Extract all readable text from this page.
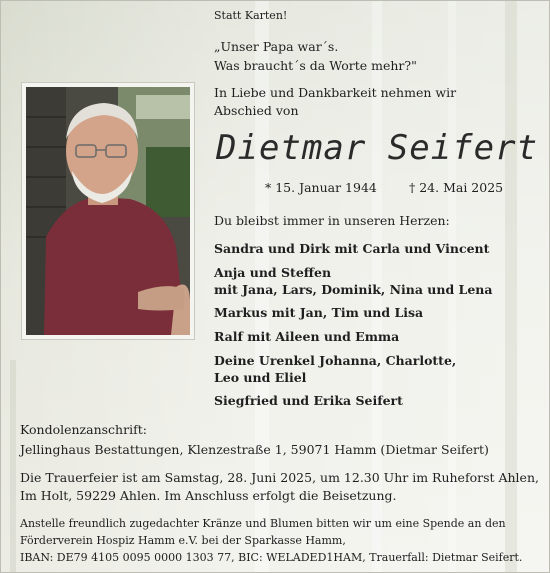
Statt Karten!
„Unser Papa war´s.
Was braucht´s da Worte mehr?"
In Liebe und Dankbarkeit nehmen wir
Abschied von
Dietmar Seifert
* 15. Januar 1944	† 24. Mai 2025
Du bleibst immer in unseren Herzen:
Sandra und Dirk mit Carla und Vincent
Anja und Steffen
mit Jana, Lars, Dominik, Nina und Lena
Markus mit Jan, Tim und Lisa
Ralf mit Aileen und Emma
Deine Urenkel Johanna, Charlotte,
Leo und Eliel
Siegfried und Erika Seifert
Kondolenzanschrift:
Jellinghaus Bestattungen, Klenzestraße 1, 59071 Hamm (Dietmar Seifert)
Die Trauerfeier ist am Samstag, 28. Juni 2025, um 12.30 Uhr im Ruheforst Ahlen,
Im Holt, 59229 Ahlen. Im Anschluss erfolgt die Beisetzung.
Anstelle freundlich zugedachter Kränze und Blumen bitten wir um eine Spende an den
Förderverein Hospiz Hamm e.V. bei der Sparkasse Hamm,
IBAN: DE79 4105 0095 0000 1303 77, BIC: WELADED1HAM, Trauerfall: Dietmar Seifert.
